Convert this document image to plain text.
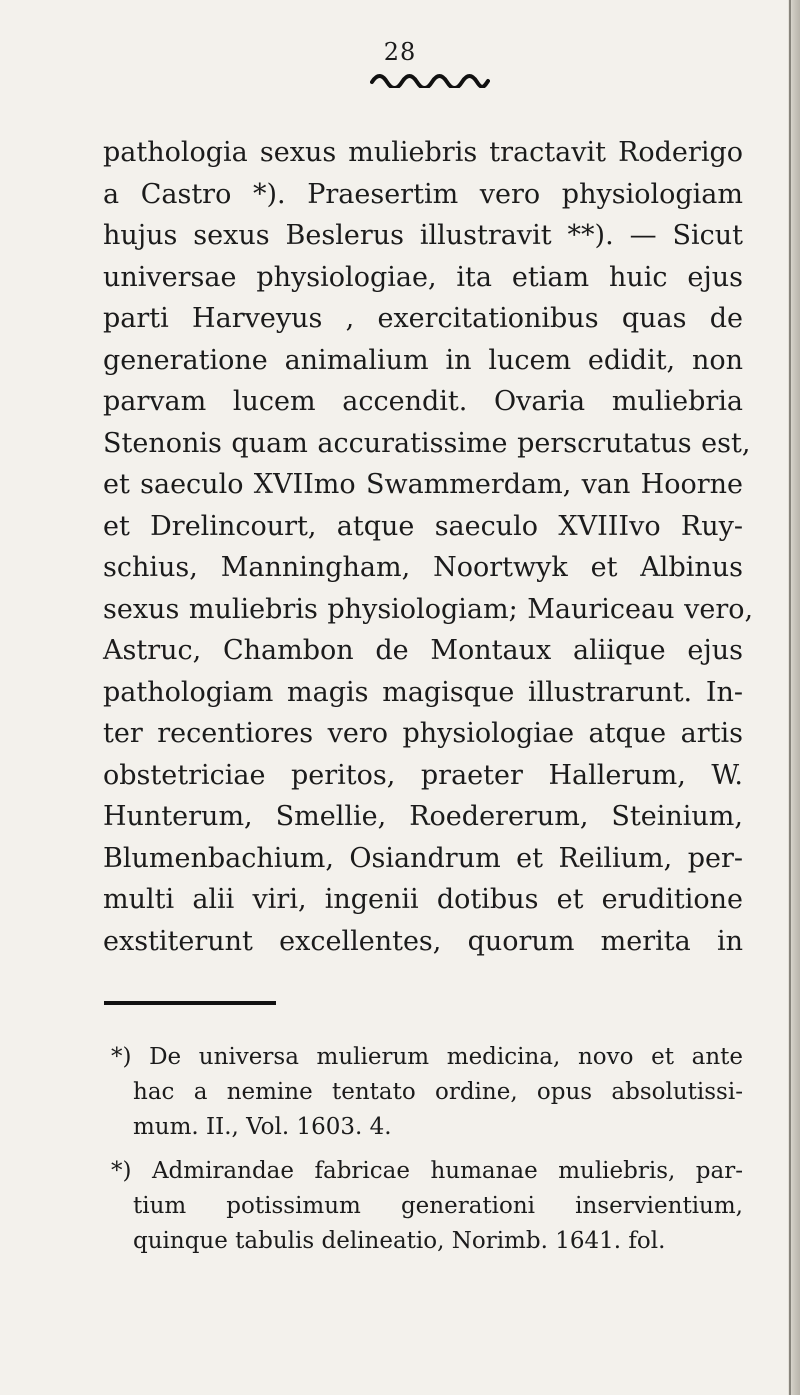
28
pathologia sexus muliebris tractavit Roderigo
a Castro *). Praesertim vero physiologiam
hujus sexus Beslerus illustravit **). — Sicut
universae physiologiae, ita etiam huic ejus
parti Harveyus , exercitationibus quas de
generatione animalium in lucem edidit, non
parvam lucem accendit. Ovaria muliebria
Stenonis quam accuratissime perscrutatus est,
et saeculo XVIImo Swammerdam, van Hoorne
et Drelincourt, atque saeculo XVIIIvo Ruy-
schius, Manningham, Noortwyk et Albinus
sexus muliebris physiologiam; Mauriceau vero,
Astruc, Chambon de Montaux aliique ejus
pathologiam magis magisque illustrarunt. In-
ter recentiores vero physiologiae atque artis
obstetriciae peritos, praeter Hallerum, W.
Hunterum, Smellie, Roedererum, Steinium,
Blumenbachium, Osiandrum et Reilium, per-
multi alii viri, ingenii dotibus et eruditione
exstiterunt excellentes, quorum merita in
*) De universa mulierum medicina, novo et ante
hac a nemine tentato ordine, opus absolutissi-
mum. II., Vol. 1603. 4.
*) Admirandae fabricae humanae muliebris, par-
tium potissimum generationi inservientium,
quinque tabulis delineatio, Norimb. 1641. fol.
